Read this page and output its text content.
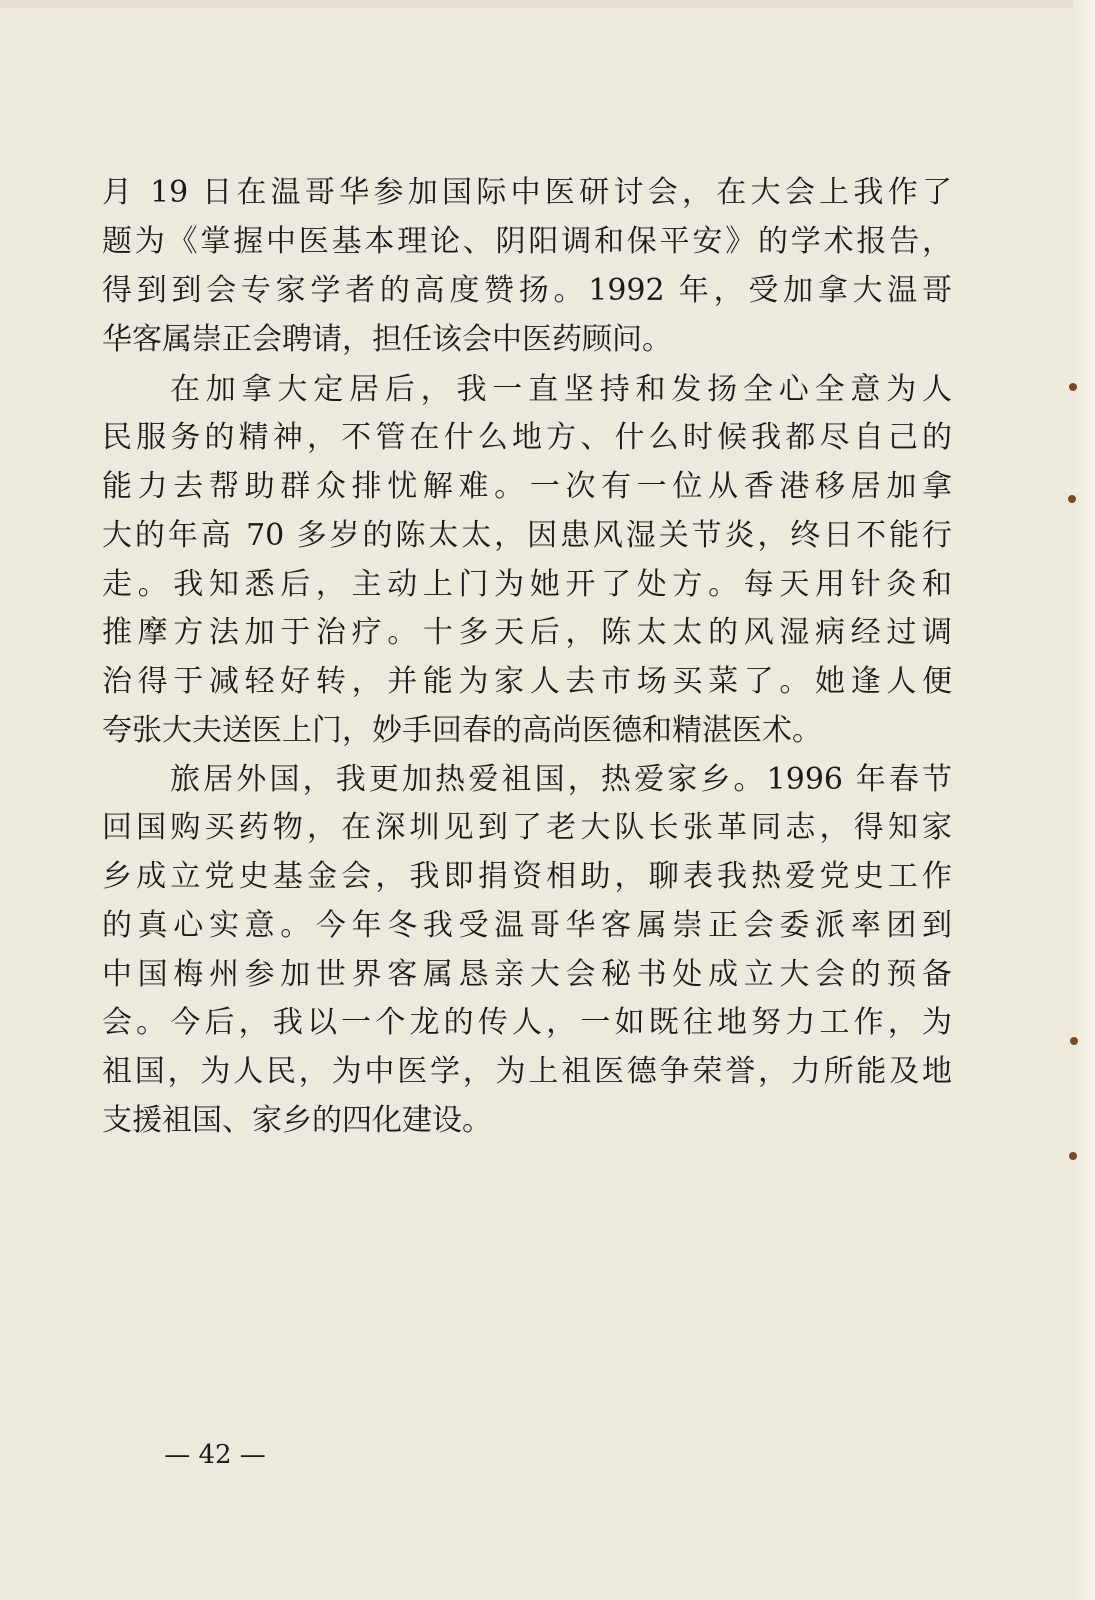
月 19 日在温哥华参加国际中医研讨会，在大会上我作了

题为《掌握中医基本理论、阴阳调和保平安》的学术报告，

得到到会专家学者的高度赞扬。1992 年，受加拿大温哥

华客属崇正会聘请，担任该会中医药顾问。

在加拿大定居后，我一直坚持和发扬全心全意为人

民服务的精神，不管在什么地方、什么时候我都尽自己的

能力去帮助群众排忧解难。一次有一位从香港移居加拿

大的年高 70 多岁的陈太太，因患风湿关节炎，终日不能行

走。我知悉后，主动上门为她开了处方。每天用针灸和

推摩方法加于治疗。十多天后，陈太太的风湿病经过调

治得于减轻好转，并能为家人去市场买菜了。她逢人便

夸张大夫送医上门，妙手回春的高尚医德和精湛医术。

旅居外国，我更加热爱祖国，热爱家乡。1996 年春节

回国购买药物，在深圳见到了老大队长张革同志，得知家

乡成立党史基金会，我即捐资相助，聊表我热爱党史工作

的真心实意。今年冬我受温哥华客属崇正会委派率团到

中国梅州参加世界客属恳亲大会秘书处成立大会的预备

会。今后，我以一个龙的传人，一如既往地努力工作，为

祖国，为人民，为中医学，为上祖医德争荣誉，力所能及地

支援祖国、家乡的四化建设。

— 42 —
